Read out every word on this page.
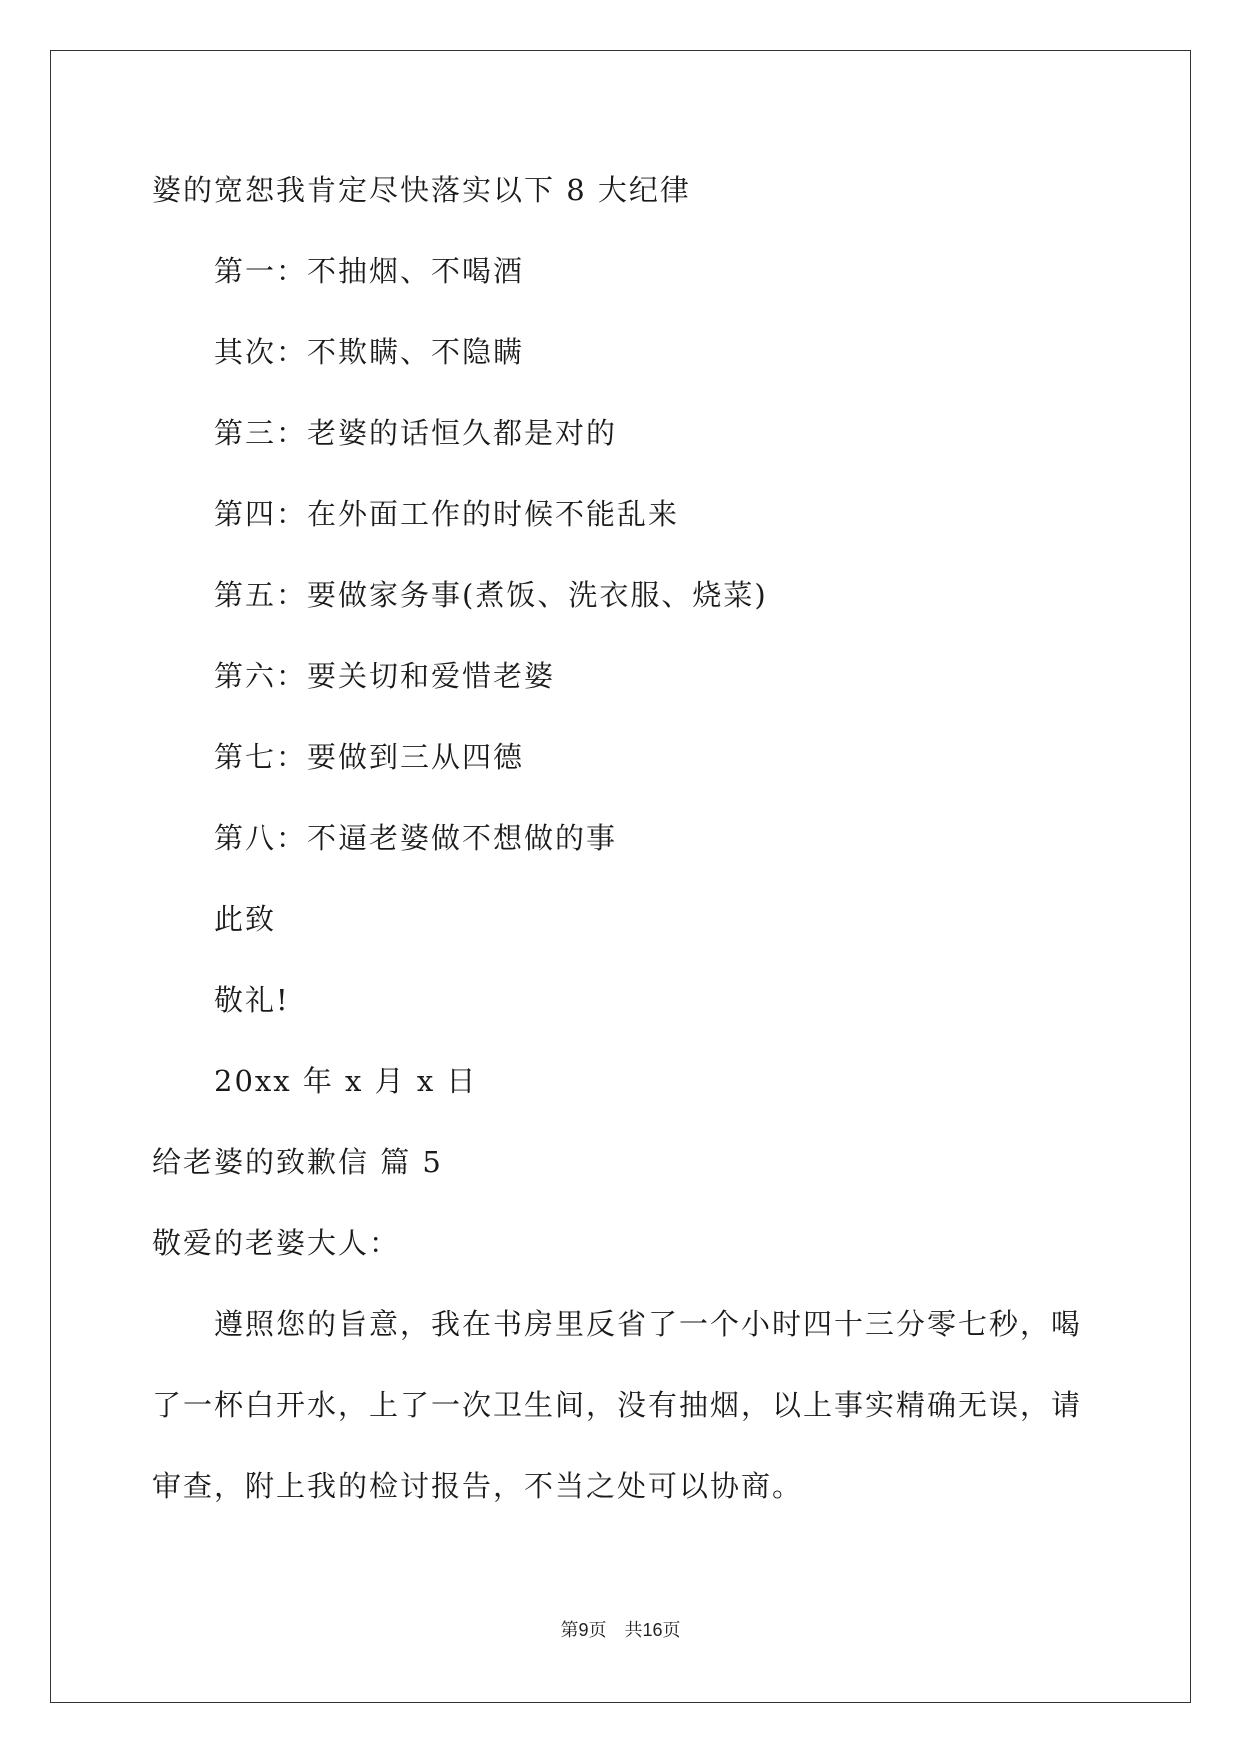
婆的宽恕我肯定尽快落实以下 8 大纪律
第一：不抽烟、不喝酒
其次：不欺瞒、不隐瞒
第三：老婆的话恒久都是对的
第四：在外面工作的时候不能乱来
第五：要做家务事(煮饭、洗衣服、烧菜)
第六：要关切和爱惜老婆
第七：要做到三从四德
第八：不逼老婆做不想做的事
此致
敬礼!
20xx 年 x 月 x 日
给老婆的致歉信 篇 5
敬爱的老婆大人：
遵照您的旨意，我在书房里反省了一个小时四十三分零七秒，喝
了一杯白开水，上了一次卫生间，没有抽烟，以上事实精确无误，请
审查，附上我的检讨报告，不当之处可以协商。
第9页 共16页
